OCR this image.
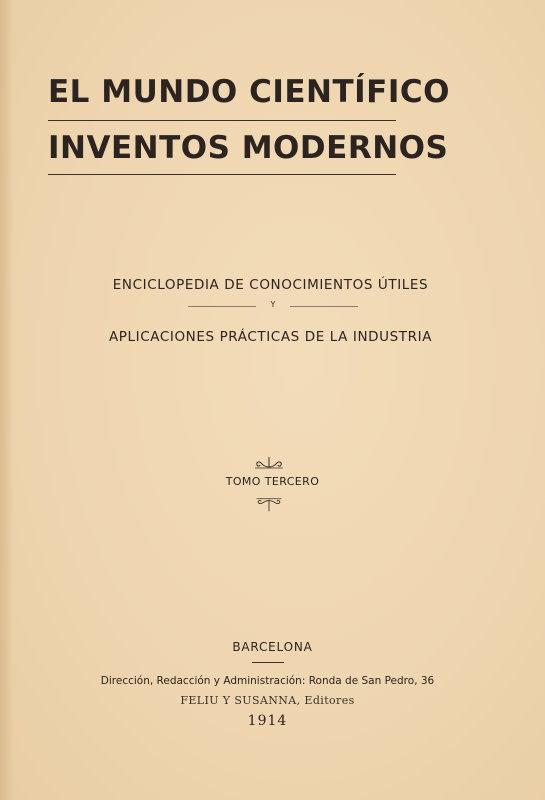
EL MUNDO CIENTÍFICO
INVENTOS MODERNOS
ENCICLOPEDIA DE CONOCIMIENTOS ÚTILES
Y
APLICACIONES PRÁCTICAS DE LA INDUSTRIA
TOMO TERCERO
BARCELONA
Dirección, Redacción y Administración: Ronda de San Pedro, 36
FELIU Y SUSANNA, Editores
1914
